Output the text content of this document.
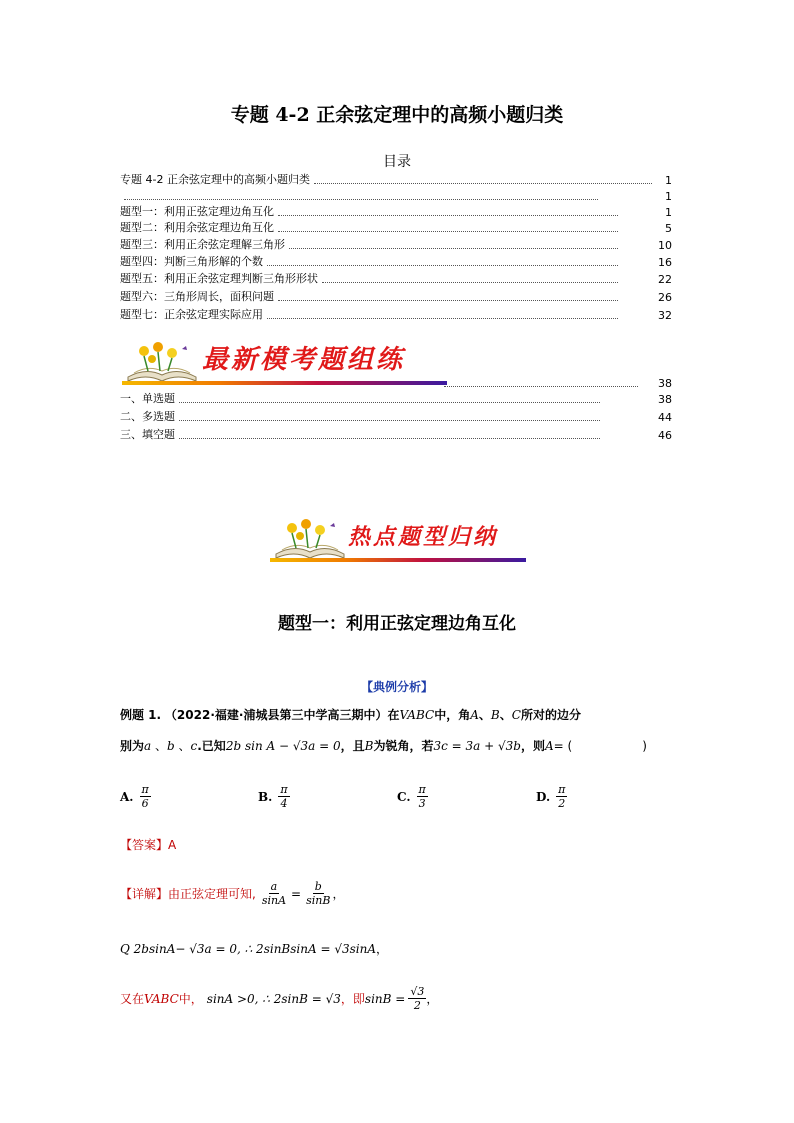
专题 4-2 正余弦定理中的高频小题归类
目录
专题 4-2 正余弦定理中的高频小题归类	1
1
题型一：利用正弦定理边角互化	1
题型二：利用余弦定理边角互化	5
题型三：利用正余弦定理解三角形	10
题型四：判断三角形解的个数	16
题型五：利用正余弦定理判断三角形形状	22
题型六：三角形周长，面积问题	26
题型七：正余弦定理实际应用	32
最新模考题组练
38
一、单选题	38
二、多选题	44
三、填空题	46
热点题型归纳
题型一：利用正弦定理边角互化
【典例分析】
例题 1. （2022·福建·浦城县第三中学高三期中）在VABC中，角A、B、C所对的边分
别为a 、b 、c.已知2b sin A − √3a = 0，且B为锐角，若3c = 3a + √3b，则A= (	)
A. $\frac{\pi}{6}$	B. $\frac{\pi}{4}$	C. $\frac{\pi}{3}$	D. $\frac{\pi}{2}$
【答案】A
【详解】 由正弦定理可知, $\frac{a}{\sin A} = \frac{b}{\sin B}$ ，
Q 2bsinA− √3a = 0, ∴ 2sinBsinA = √3sinA，
又在 VABC 中， sinA >0, ∴ 2sinB = √3 ，即 $\sin B = \frac{√3}{2}$ ，
